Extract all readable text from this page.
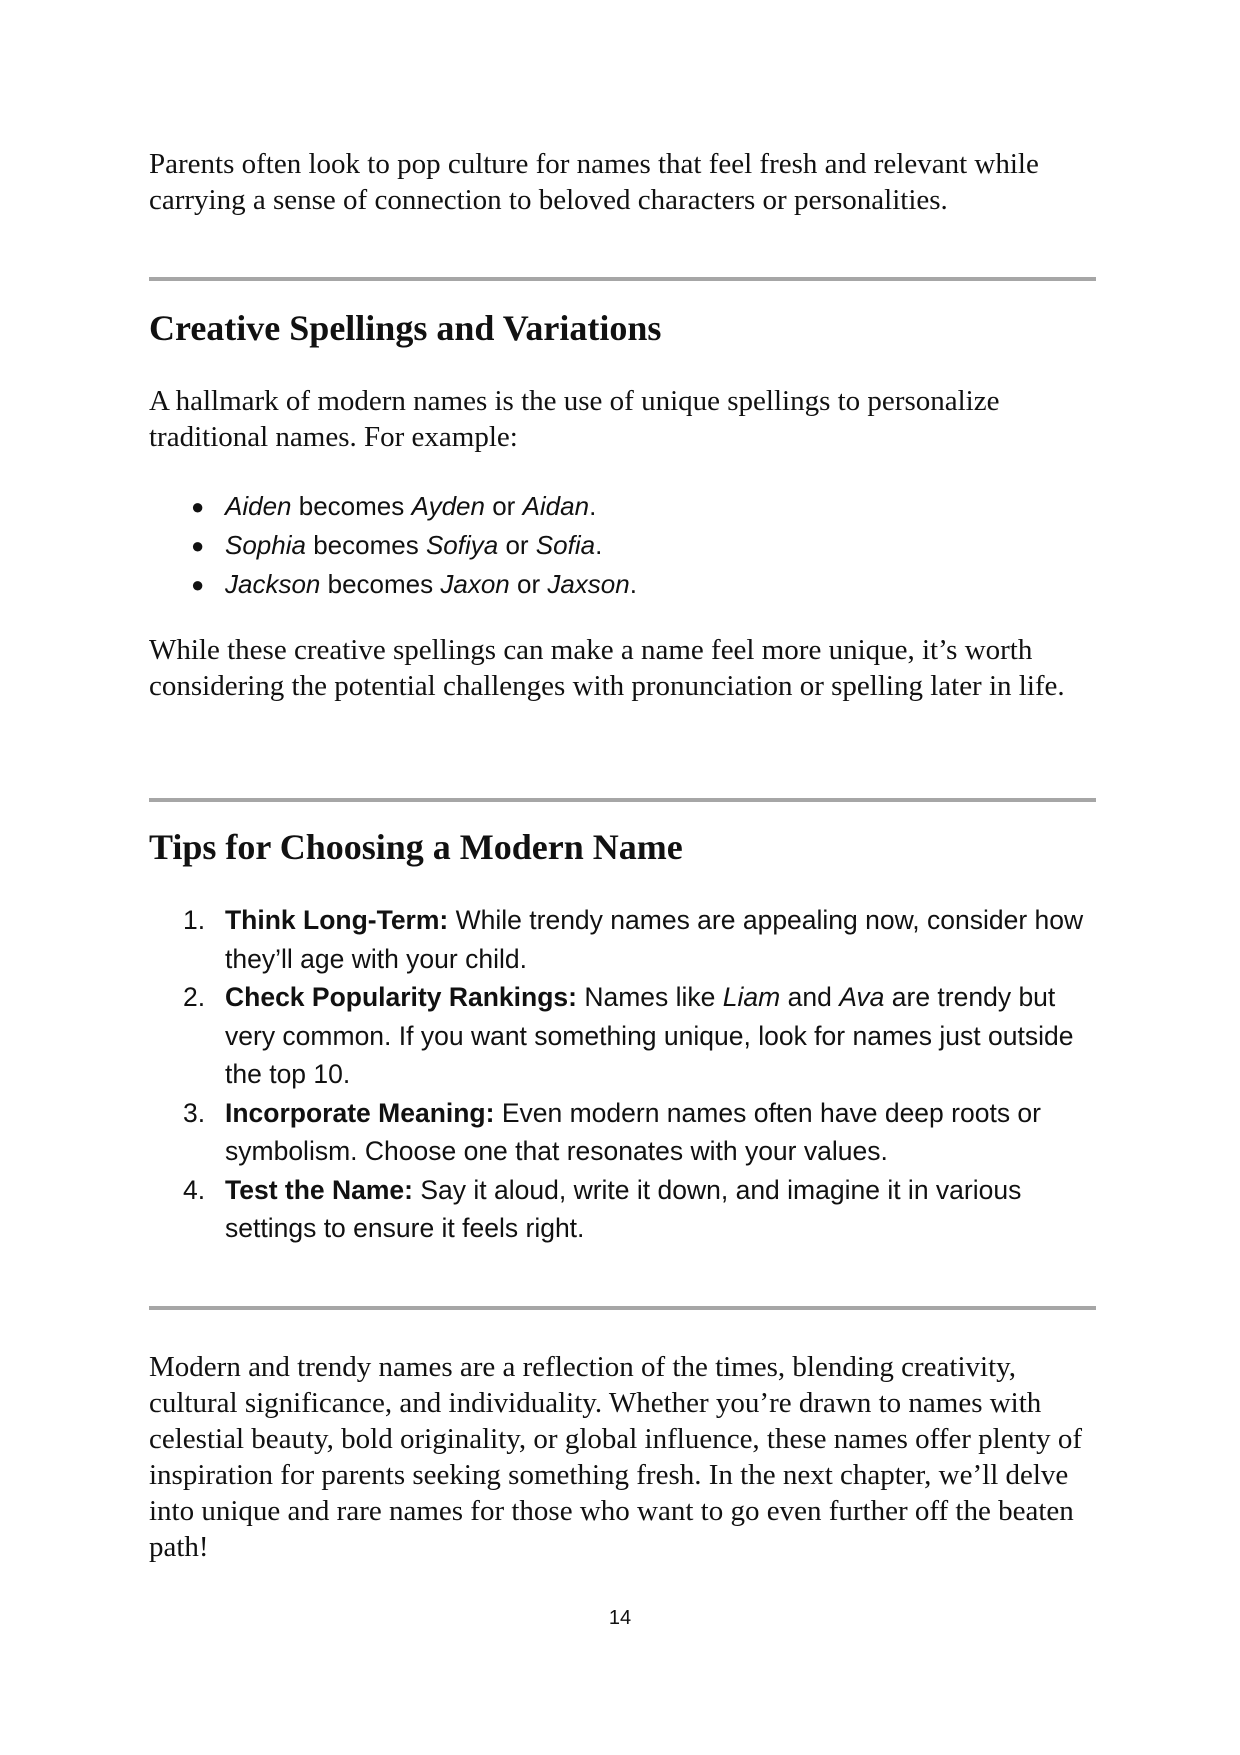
Parents often look to pop culture for names that feel fresh and relevant while carrying a sense of connection to beloved characters or personalities.

Creative Spellings and Variations

A hallmark of modern names is the use of unique spellings to personalize traditional names. For example:

● Aiden becomes Ayden or Aidan.
● Sophia becomes Sofiya or Sofia.
● Jackson becomes Jaxon or Jaxson.

While these creative spellings can make a name feel more unique, it’s worth considering the potential challenges with pronunciation or spelling later in life.

Tips for Choosing a Modern Name
1. Think Long-Term: While trendy names are appealing now, consider how they’ll age with your child.
2. Check Popularity Rankings: Names like Liam and Ava are trendy but very common. If you want something unique, look for names just outside the top 10.
3. Incorporate Meaning: Even modern names often have deep roots or symbolism. Choose one that resonates with your values.
4. Test the Name: Say it aloud, write it down, and imagine it in various settings to ensure it feels right.

Modern and trendy names are a reflection of the times, blending creativity, cultural significance, and individuality. Whether you’re drawn to names with celestial beauty, bold originality, or global influence, these names offer plenty of inspiration for parents seeking something fresh. In the next chapter, we’ll delve into unique and rare names for those who want to go even further off the beaten path!

14
